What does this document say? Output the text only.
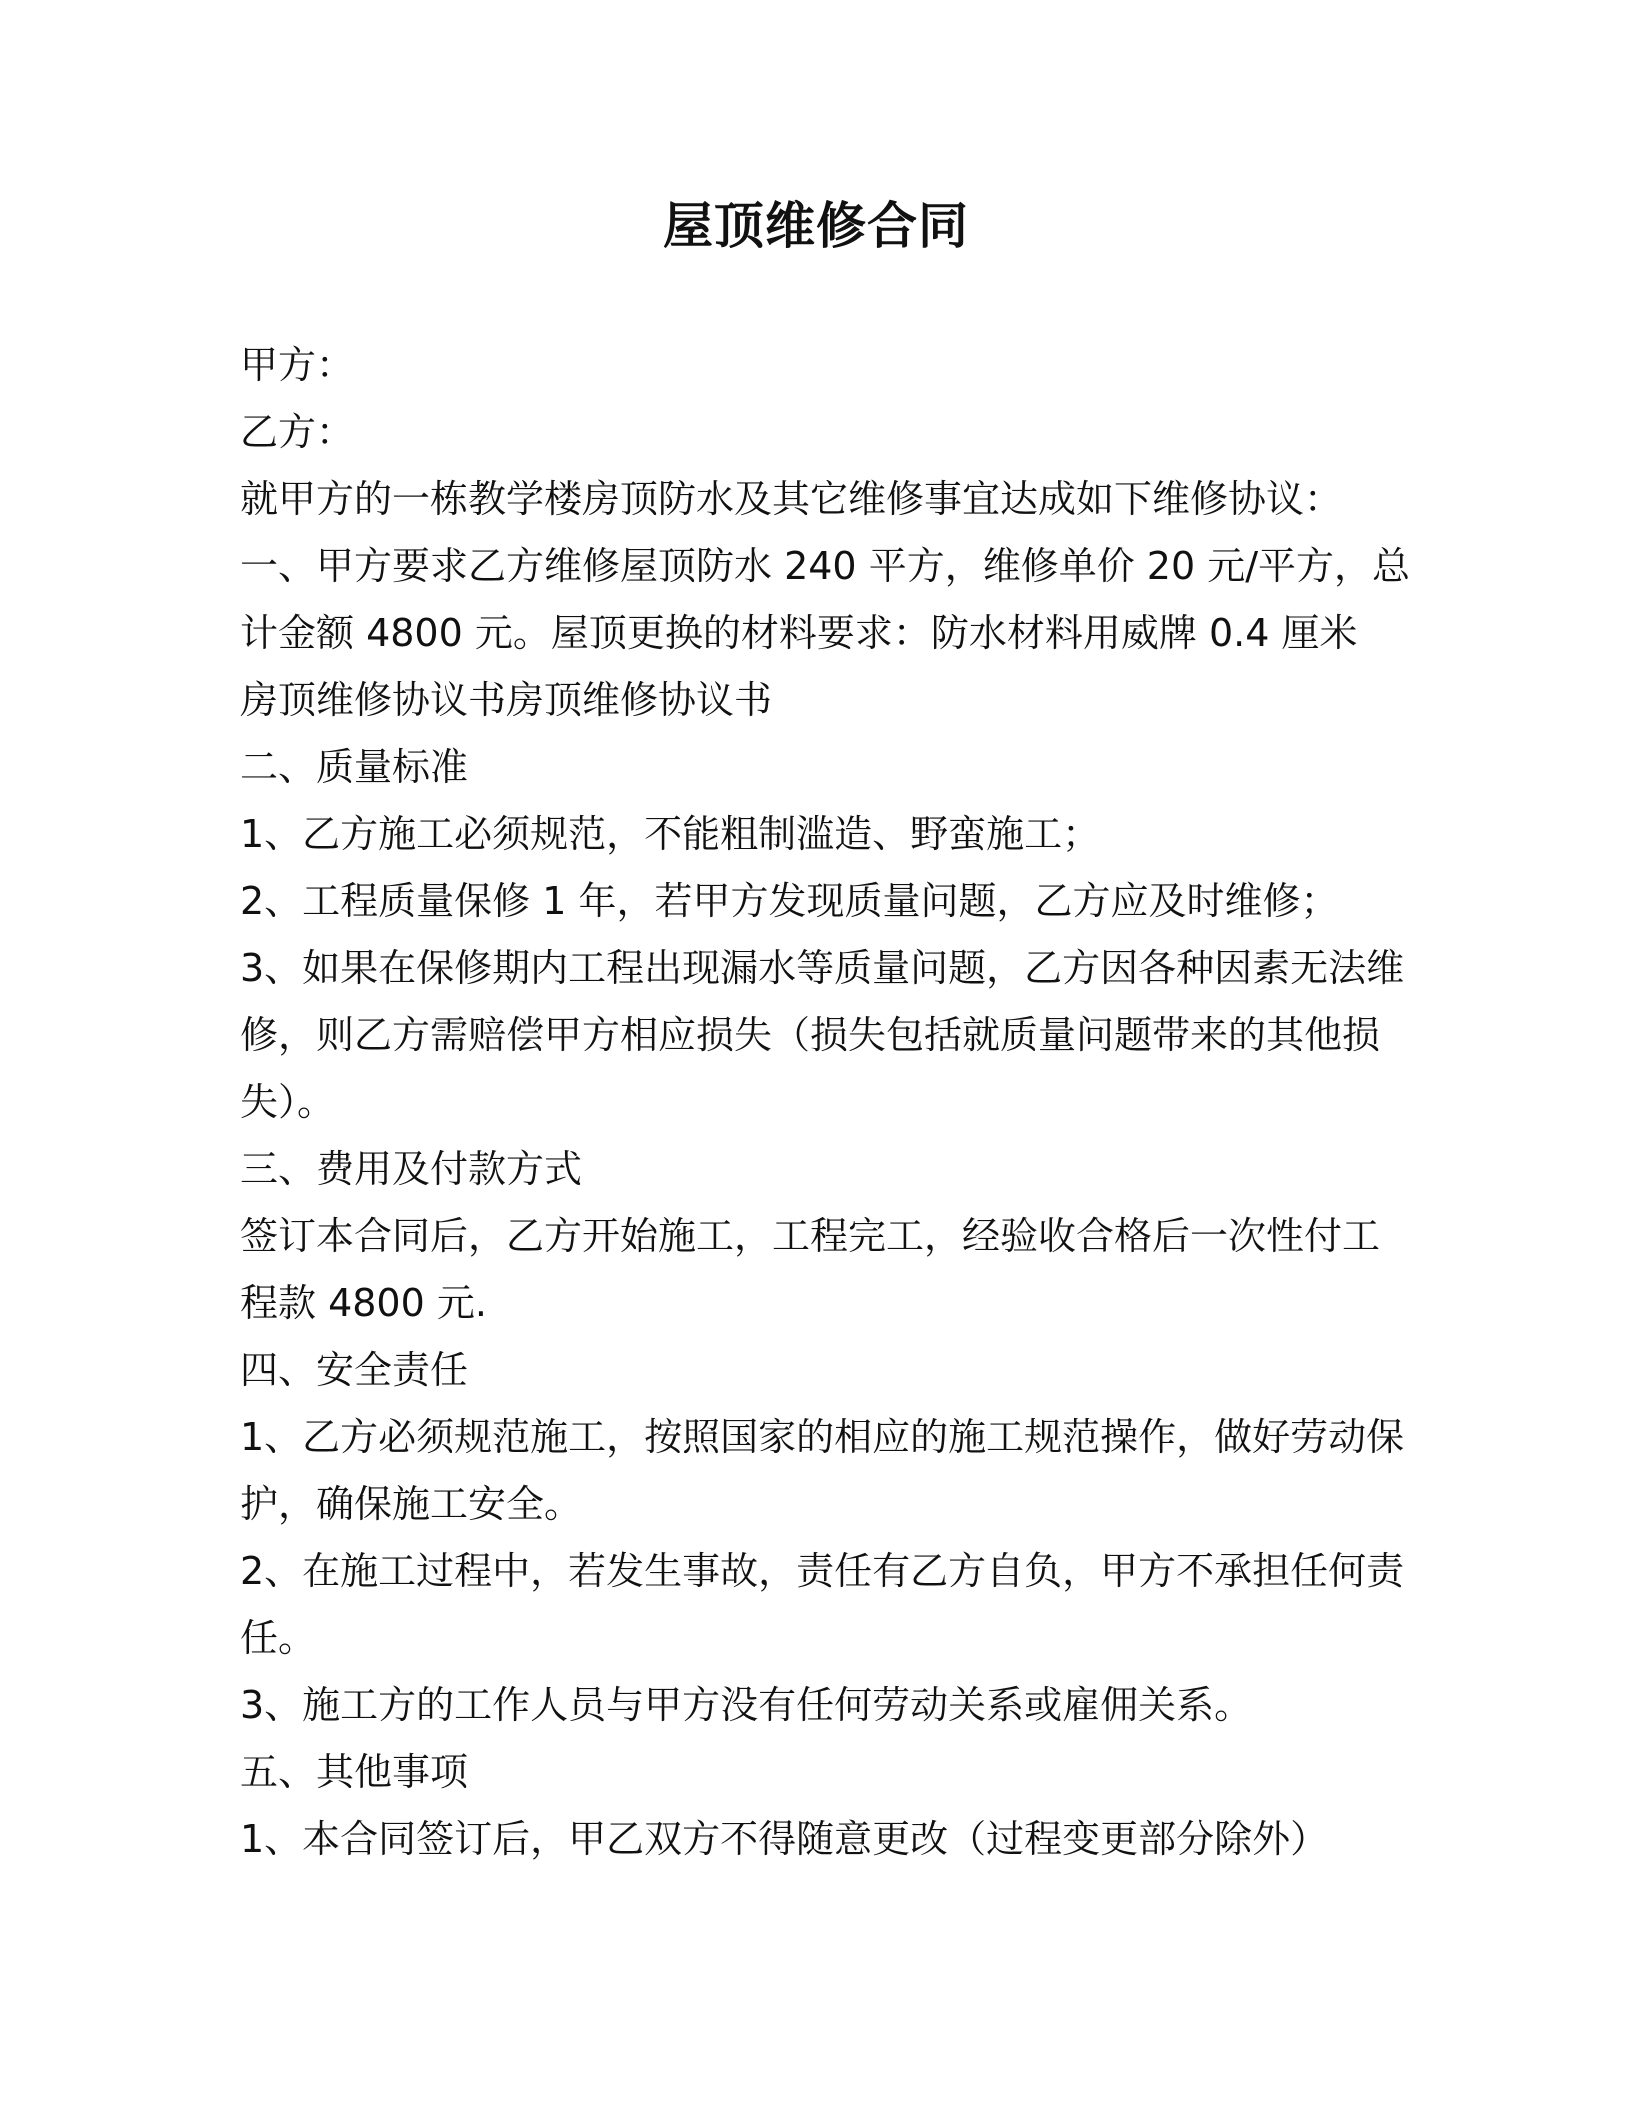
屋顶维修合同
甲方：
乙方：
就甲方的一栋教学楼房顶防水及其它维修事宜达成如下维修协议：
一、甲方要求乙方维修屋顶防水 240 平方，维修单价 20 元/平方，总
计金额 4800 元。屋顶更换的材料要求：防水材料用威牌 0.4 厘米
房顶维修协议书房顶维修协议书
二、质量标准
1、乙方施工必须规范，不能粗制滥造、野蛮施工；
2、工程质量保修 1 年，若甲方发现质量问题，乙方应及时维修；
3、如果在保修期内工程出现漏水等质量问题，乙方因各种因素无法维
修，则乙方需赔偿甲方相应损失（损失包括就质量问题带来的其他损
失）。
三、费用及付款方式
签订本合同后，乙方开始施工，工程完工，经验收合格后一次性付工
程款 4800 元.
四、安全责任
1、乙方必须规范施工，按照国家的相应的施工规范操作，做好劳动保
护，确保施工安全。
2、在施工过程中，若发生事故，责任有乙方自负，甲方不承担任何责
任。
3、施工方的工作人员与甲方没有任何劳动关系或雇佣关系。
五、其他事项
1、本合同签订后，甲乙双方不得随意更改（过程变更部分除外）
